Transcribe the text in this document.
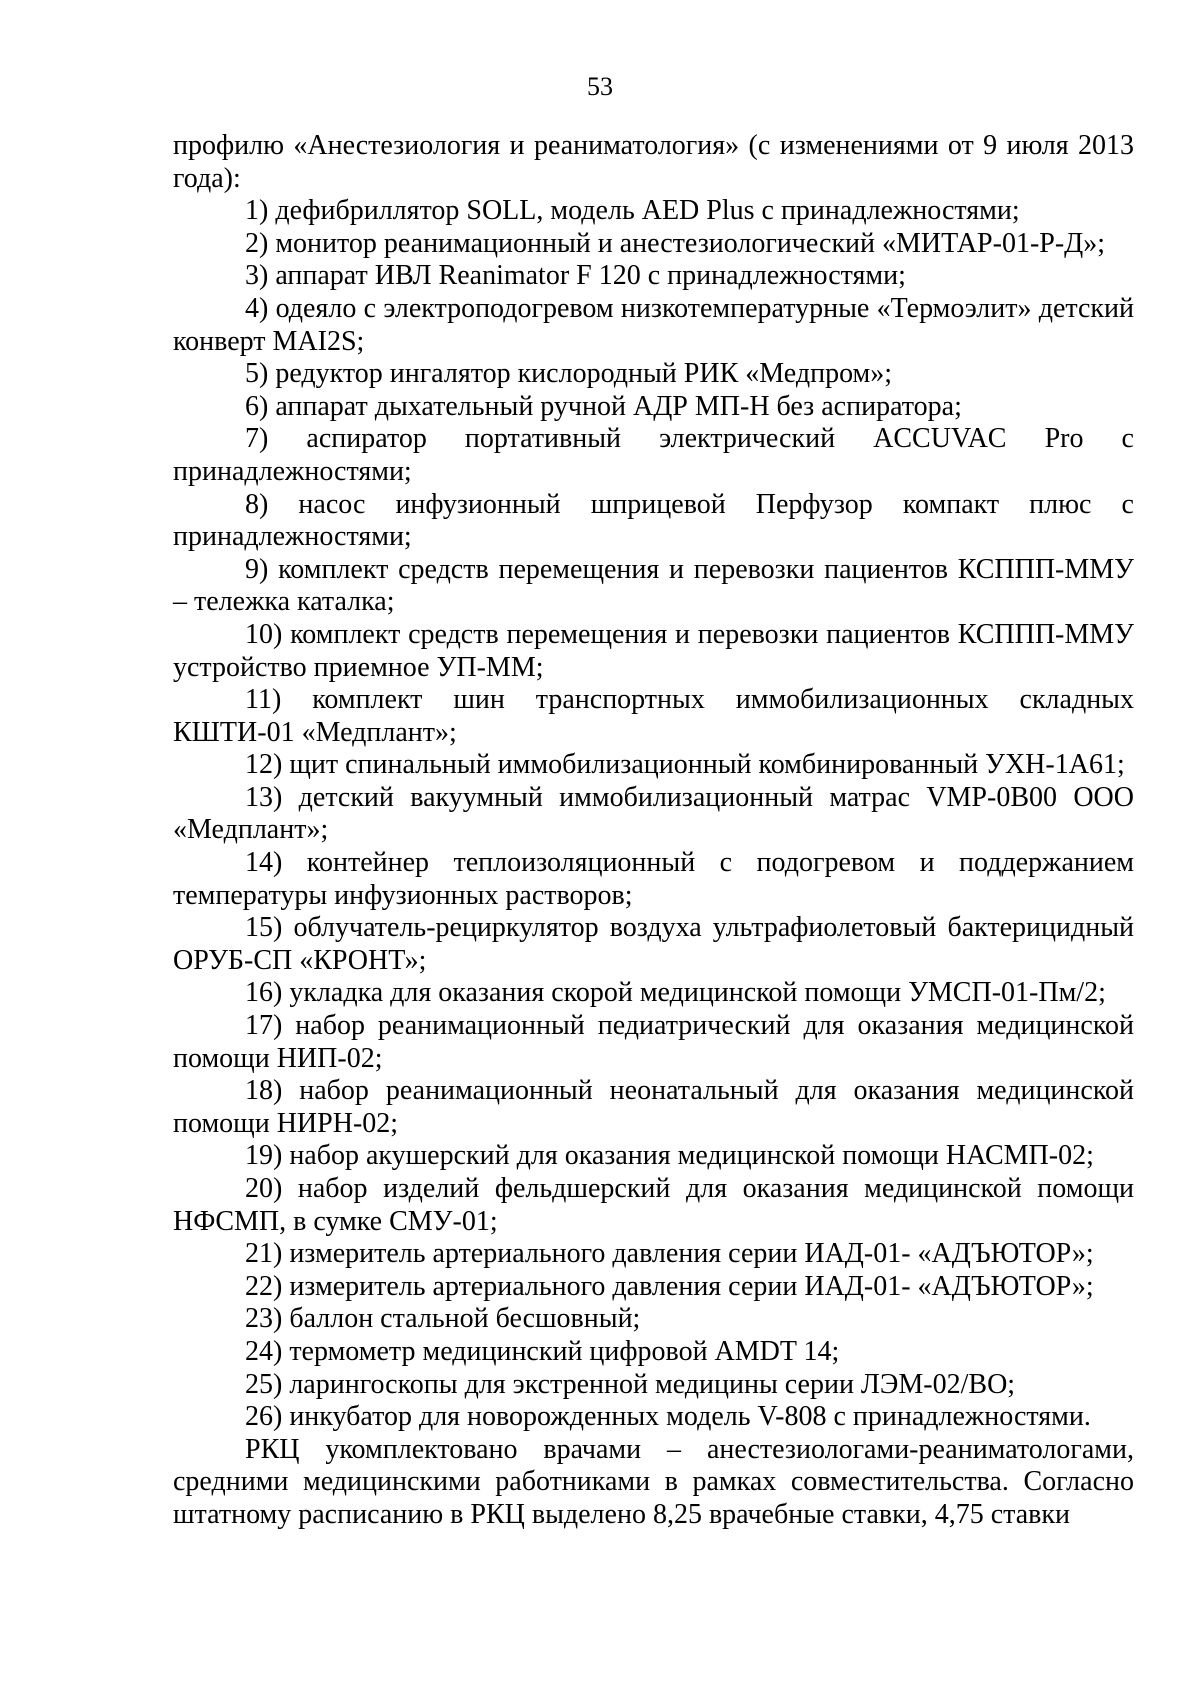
53

профилю «Анестезиология и реаниматология» (с изменениями от 9 июля 2013 года):

1) дефибриллятор SOLL, модель AED Plus с принадлежностями;

2) монитор реанимационный и анестезиологический «МИТАР-01-Р-Д»;

3) аппарат ИВЛ Reanimator F 120 с принадлежностями;

4) одеяло с электроподогревом низкотемпературные «Термоэлит» детский конверт MAI2S;

5) редуктор ингалятор кислородный РИК «Медпром»;

6) аппарат дыхательный ручной АДР МП-Н без аспиратора;

7) аспиратор портативный электрический ACCUVAC Pro с принадлежностями;

8) насос инфузионный шприцевой Перфузор компакт плюс с принадлежностями;

9) комплект средств перемещения и перевозки пациентов КСППП-ММУ – тележка каталка;

10) комплект средств перемещения и перевозки пациентов КСППП-ММУ устройство приемное УП-ММ;

11) комплект шин транспортных иммобилизационных складных КШТИ-01 «Медплант»;

12) щит спинальный иммобилизационный комбинированный УХН-1А61;

13) детский вакуумный иммобилизационный матрас VMP-0B00 ООО «Медплант»;

14) контейнер теплоизоляционный с подогревом и поддержанием температуры инфузионных растворов;

15) облучатель-рециркулятор воздуха ультрафиолетовый бактерицидный ОРУБ-СП «КРОНТ»;

16) укладка для оказания скорой медицинской помощи УМСП-01-Пм/2;

17) набор реанимационный педиатрический для оказания медицинской помощи НИП-02;

18) набор реанимационный неонатальный для оказания медицинской помощи НИРН-02;

19) набор акушерский для оказания медицинской помощи НАСМП-02;

20) набор изделий фельдшерский для оказания медицинской помощи НФСМП, в сумке СМУ-01;

21) измеритель артериального давления серии ИАД-01- «АДЪЮТОР»;

22) измеритель артериального давления серии ИАД-01- «АДЪЮТОР»;

23) баллон стальной бесшовный;

24) термометр медицинский цифровой AMDT 14;

25) ларингоскопы для экстренной медицины серии ЛЭМ-02/ВО;

26) инкубатор для новорожденных модель V-808 с принадлежностями.

РКЦ укомплектовано врачами – анестезиологами-реаниматологами, средними медицинскими работниками в рамках совместительства. Согласно штатному расписанию в РКЦ выделено 8,25 врачебные ставки, 4,75 ставки
